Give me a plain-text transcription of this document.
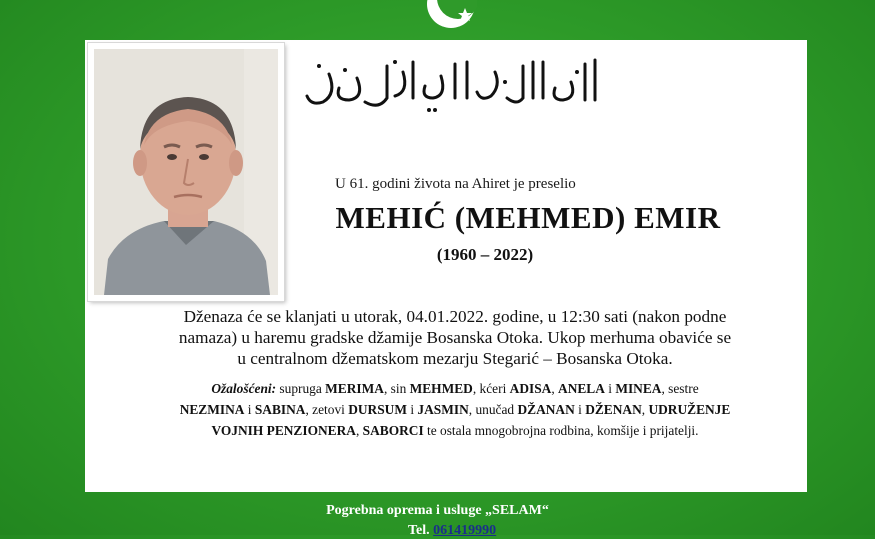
U 61. godini života na Ahiret je preselio
MEHIĆ (MEHMED) EMIR
(1960 – 2022)
Dženaza će se klanjati u utorak, 04.01.2022. godine, u 12:30 sati (nakon podne
namaza) u haremu gradske džamije Bosanska Otoka. Ukop merhuma obaviće se
u centralnom džematskom mezarju Stegarić – Bosanska Otoka.
Ožalošćeni: supruga MERIMA, sin MEHMED, kćeri ADISA, ANELA i MINEA, sestre
NEZMINA i SABINA, zetovi DURSUM i JASMIN, unučad DŽANAN i DŽENAN, UDRUŽENJE
VOJNIH PENZIONERA, SABORCI te ostala mnogobrojna rodbina, komšije i prijatelji.
Pogrebna oprema i usluge „SELAM“
Tel. 061419990
